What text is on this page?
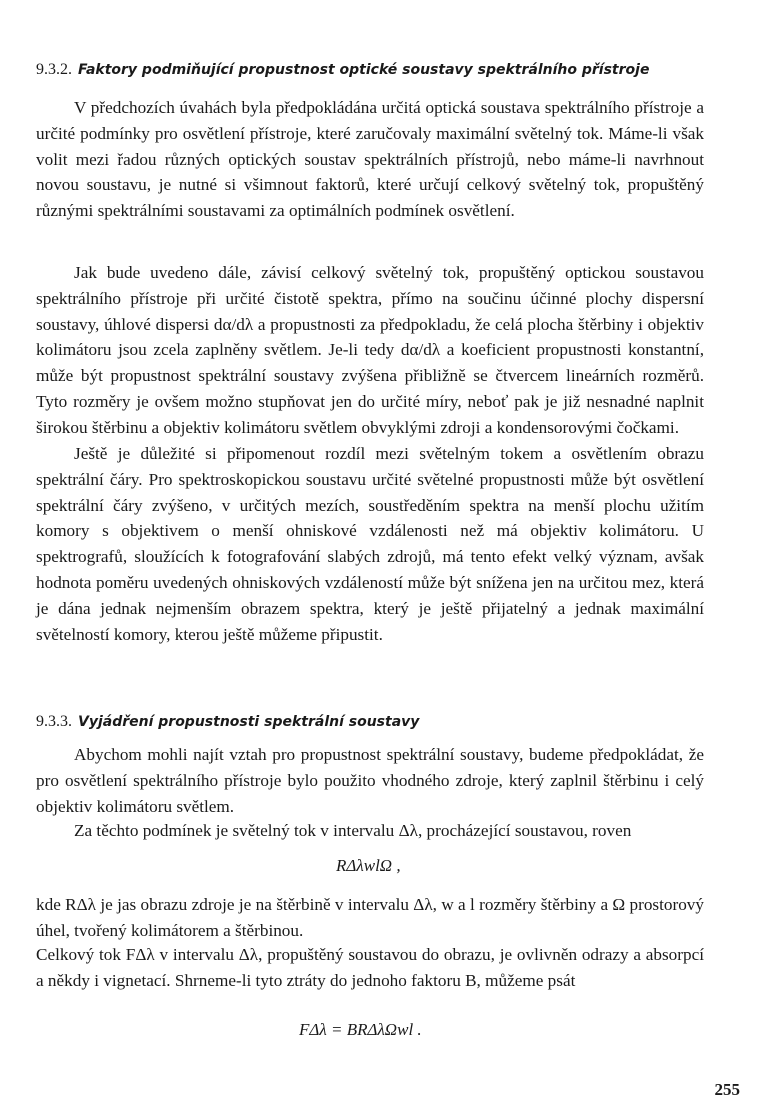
9.3.2. Faktory podmiňující propustnost optické soustavy spektrálního přístroje

V předchozích úvahách byla předpokládána určitá optická soustava spektrálního přístroje a určité podmínky pro osvětlení přístroje, které zaručovaly maximální světelný tok. Máme-li však volit mezi řadou různých optických soustav spektrálních přístrojů, nebo máme-li navrhnout novou soustavu, je nutné si všimnout faktorů, které určují celkový světelný tok, propuštěný různými spektrálními soustavami za optimálních podmínek osvětlení.

Jak bude uvedeno dále, závisí celkový světelný tok, propuštěný optickou soustavou spektrálního přístroje při určité čistotě spektra, přímo na součinu účinné plochy dispersní soustavy, úhlové dispersi dα/dλ a propustnosti za předpokladu, že celá plocha štěrbiny i objektiv kolimátoru jsou zcela zaplněny světlem. Je-li tedy dα/dλ a koeficient propustnosti konstantní, může být propustnost spektrální soustavy zvýšena přibližně se čtvercem lineárních rozměrů. Tyto rozměry je ovšem možno stupňovat jen do určité míry, neboť pak je již nesnadné naplnit širokou štěrbinu a objektiv kolimátoru světlem obvyklými zdroji a kondensorovými čočkami.

Ještě je důležité si připomenout rozdíl mezi světelným tokem a osvětlením obrazu spektrální čáry. Pro spektroskopickou soustavu určité světelné propustnosti může být osvětlení spektrální čáry zvýšeno, v určitých mezích, soustředěním spektra na menší plochu užitím komory s objektivem o menší ohniskové vzdálenosti než má objektiv kolimátoru. U spektrografů, sloužících k fotografování slabých zdrojů, má tento efekt velký význam, avšak hodnota poměru uvedených ohniskových vzdáleností může být snížena jen na určitou mez, která je dána jednak nejmenším obrazem spektra, který je ještě přijatelný a jednak maximální světelností komory, kterou ještě můžeme připustit.

9.3.3. Vyjádření propustnosti spektrální soustavy

Abychom mohli najít vztah pro propustnost spektrální soustavy, budeme předpokládat, že pro osvětlení spektrálního přístroje bylo použito vhodného zdroje, který zaplnil štěrbinu i celý objektiv kolimátoru světlem.

Za těchto podmínek je světelný tok v intervalu Δλ, procházející soustavou, roven

RΔλwlΩ ,

kde RΔλ je jas obrazu zdroje je na štěrbině v intervalu Δλ, w a l rozměry štěrbiny a Ω prostorový úhel, tvořený kolimátorem a štěrbinou.

Celkový tok FΔλ v intervalu Δλ, propuštěný soustavou do obrazu, je ovlivněn odrazy a absorpcí a někdy i vignetací. Shrneme-li tyto ztráty do jednoho faktoru B, můžeme psát

FΔλ = BRΔλΩwl .
255
